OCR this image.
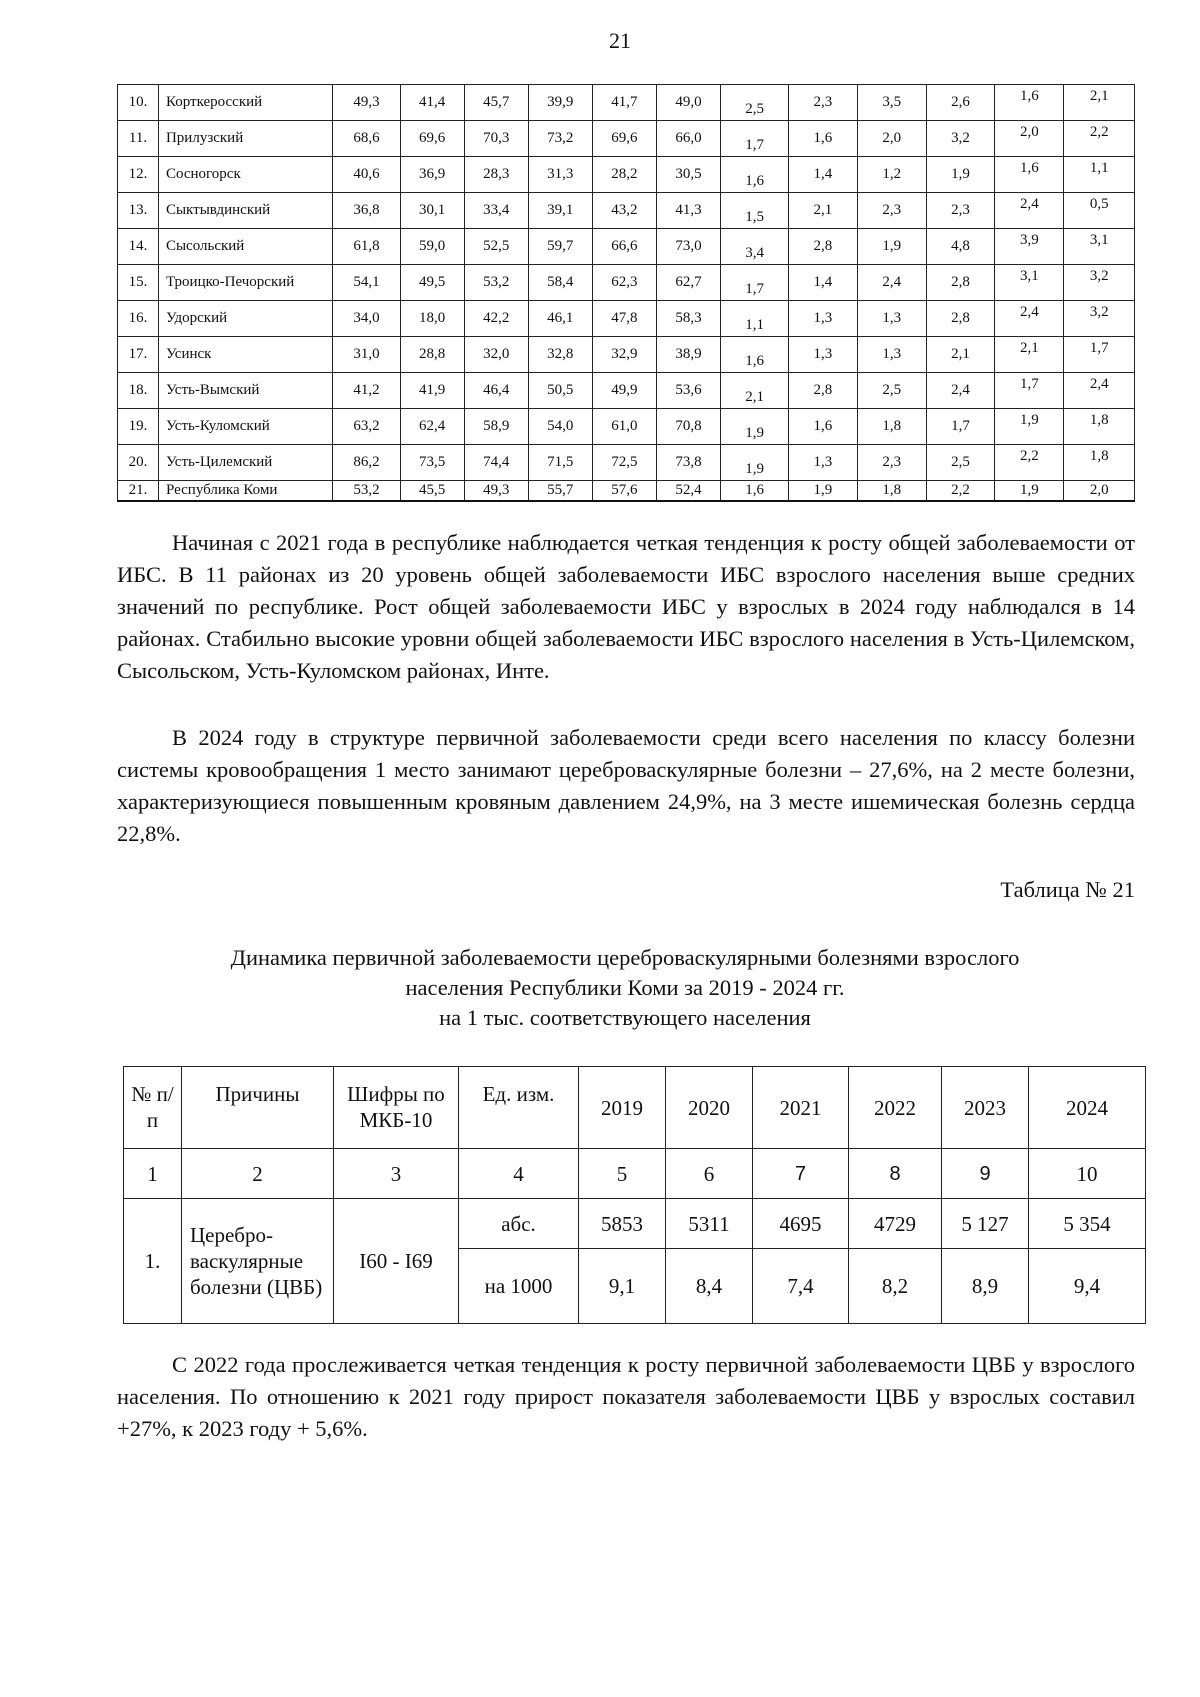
21
10.	Корткеросский	49,3	41,4	45,7	39,9	41,7	49,0	2,5	2,3	3,5	2,6	1,6	2,1
11.	Прилузский	68,6	69,6	70,3	73,2	69,6	66,0	1,7	1,6	2,0	3,2	2,0	2,2
12.	Сосногорск	40,6	36,9	28,3	31,3	28,2	30,5	1,6	1,4	1,2	1,9	1,6	1,1
13.	Сыктывдинский	36,8	30,1	33,4	39,1	43,2	41,3	1,5	2,1	2,3	2,3	2,4	0,5
14.	Сысольский	61,8	59,0	52,5	59,7	66,6	73,0	3,4	2,8	1,9	4,8	3,9	3,1
15.	Троицко-Печорский	54,1	49,5	53,2	58,4	62,3	62,7	1,7	1,4	2,4	2,8	3,1	3,2
16.	Удорский	34,0	18,0	42,2	46,1	47,8	58,3	1,1	1,3	1,3	2,8	2,4	3,2
17.	Усинск	31,0	28,8	32,0	32,8	32,9	38,9	1,6	1,3	1,3	2,1	2,1	1,7
18.	Усть-Вымский	41,2	41,9	46,4	50,5	49,9	53,6	2,1	2,8	2,5	2,4	1,7	2,4
19.	Усть-Куломский	63,2	62,4	58,9	54,0	61,0	70,8	1,9	1,6	1,8	1,7	1,9	1,8
20.	Усть-Цилемский	86,2	73,5	74,4	71,5	72,5	73,8	1,9	1,3	2,3	2,5	2,2	1,8
21.	Республика Коми	53,2	45,5	49,3	55,7	57,6	52,4	1,6	1,9	1,8	2,2	1,9	2,0

Начиная с 2021 года в республике наблюдается четкая тенденция к росту общей заболеваемости от ИБС. В 11 районах из 20 уровень общей заболеваемости ИБС взрослого населения выше средних значений по республике. Рост общей заболеваемости ИБС у взрослых в 2024 году наблюдался в 14 районах. Стабильно высокие уровни общей заболеваемости ИБС взрослого населения в Усть-Цилемском, Сысольском, Усть-Куломском районах, Инте.

В 2024 году в структуре первичной заболеваемости среди всего населения по классу болезни системы кровообращения 1 место занимают цереброваскулярные болезни – 27,6%, на 2 месте болезни, характеризующиеся повышенным кровяным давлением 24,9%, на 3 месте ишемическая болезнь сердца 22,8%.

Таблица № 21
Динамика первичной заболеваемости цереброваскулярными болезнями взрослого
населения Республики Коми за 2019 - 2024 гг.
на 1 тыс. соответствующего населения
№ п/п	Причины	Шифры по МКБ-10	Ед. изм.	2019	2020	2021	2022	2023	2024
1	2	3	4	5	6	7	8	9	10
1.	Церебро-васкулярные болезни (ЦВБ)	I60 - I69	абс.	5853	5311	4695	4729	5 127	5 354
			на 1000	9,1	8,4	7,4	8,2	8,9	9,4

С 2022 года прослеживается четкая тенденция к росту первичной заболеваемости ЦВБ у взрослого населения. По отношению к 2021 году прирост показателя заболеваемости ЦВБ у взрослых составил +27%, к 2023 году + 5,6%.
